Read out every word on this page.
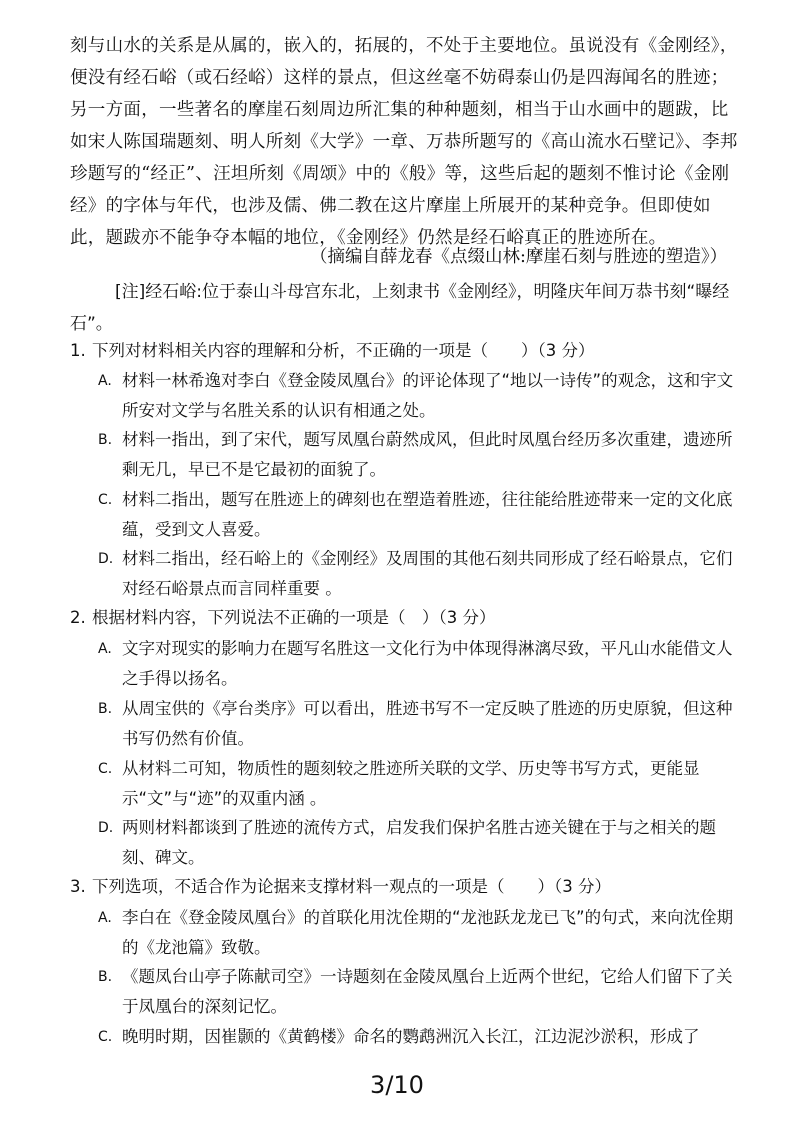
刻与山水的关系是从属的，嵌入的，拓展的，不处于主要地位。虽说没有《金刚经》，便没有经石峪（或石经峪）这样的景点，但这丝毫不妨碍泰山仍是四海闻名的胜迹；另一方面，一些著名的摩崖石刻周边所汇集的种种题刻，相当于山水画中的题跋，比如宋人陈国瑞题刻、明人所刻《大学》一章、万恭所题写的《高山流水石壁记》、李邦珍题写的“经正”、汪坦所刻《周颂》中的《般》等，这些后起的题刻不惟讨论《金刚经》的字体与年代，也涉及儒、佛二教在这片摩崖上所展开的某种竞争。但即使如此，题跋亦不能争夺本幅的地位，《金刚经》仍然是经石峪真正的胜迹所在。
（摘编自薛龙春《点缀山林:摩崖石刻与胜迹的塑造》）
[注]经石峪:位于泰山斗母宫东北，上刻隶书《金刚经》，明隆庆年间万恭书刻“曝经石”。
1. 下列对材料相关内容的理解和分析，不正确的一项是（　　）（3 分）
A. 材料一林希逸对李白《登金陵凤凰台》的评论体现了“地以一诗传”的观念，这和宇文所安对文学与名胜关系的认识有相通之处。
B. 材料一指出，到了宋代，题写凤凰台蔚然成风，但此时凤凰台经历多次重建，遗迹所剩无几，早已不是它最初的面貌了。
C. 材料二指出，题写在胜迹上的碑刻也在塑造着胜迹，往往能给胜迹带来一定的文化底蕴，受到文人喜爱。
D. 材料二指出，经石峪上的《金刚经》及周围的其他石刻共同形成了经石峪景点，它们对经石峪景点而言同样重要 。
2. 根据材料内容，下列说法不正确的一项是（　）（3 分）
A. 文字对现实的影响力在题写名胜这一文化行为中体现得淋漓尽致，平凡山水能借文人之手得以扬名。
B. 从周宝供的《亭台类序》可以看出，胜迹书写不一定反映了胜迹的历史原貌，但这种书写仍然有价值。
C. 从材料二可知，物质性的题刻较之胜迹所关联的文学、历史等书写方式，更能显示“文”与“迹”的双重内涵 。
D. 两则材料都谈到了胜迹的流传方式，启发我们保护名胜古迹关键在于与之相关的题刻、碑文。
3. 下列选项，不适合作为论据来支撑材料一观点的一项是（　　）（3 分）
A. 李白在《登金陵凤凰台》的首联化用沈佺期的“龙池跃龙龙已飞”的句式，来向沈佺期的《龙池篇》致敬。
B. 《题凤台山亭子陈献司空》一诗题刻在金陵凤凰台上近两个世纪，它给人们留下了关于凤凰台的深刻记忆。
C. 晚明时期，因崔颢的《黄鹤楼》命名的鹦鹉洲沉入长江，江边泥沙淤积，形成了
3/10
